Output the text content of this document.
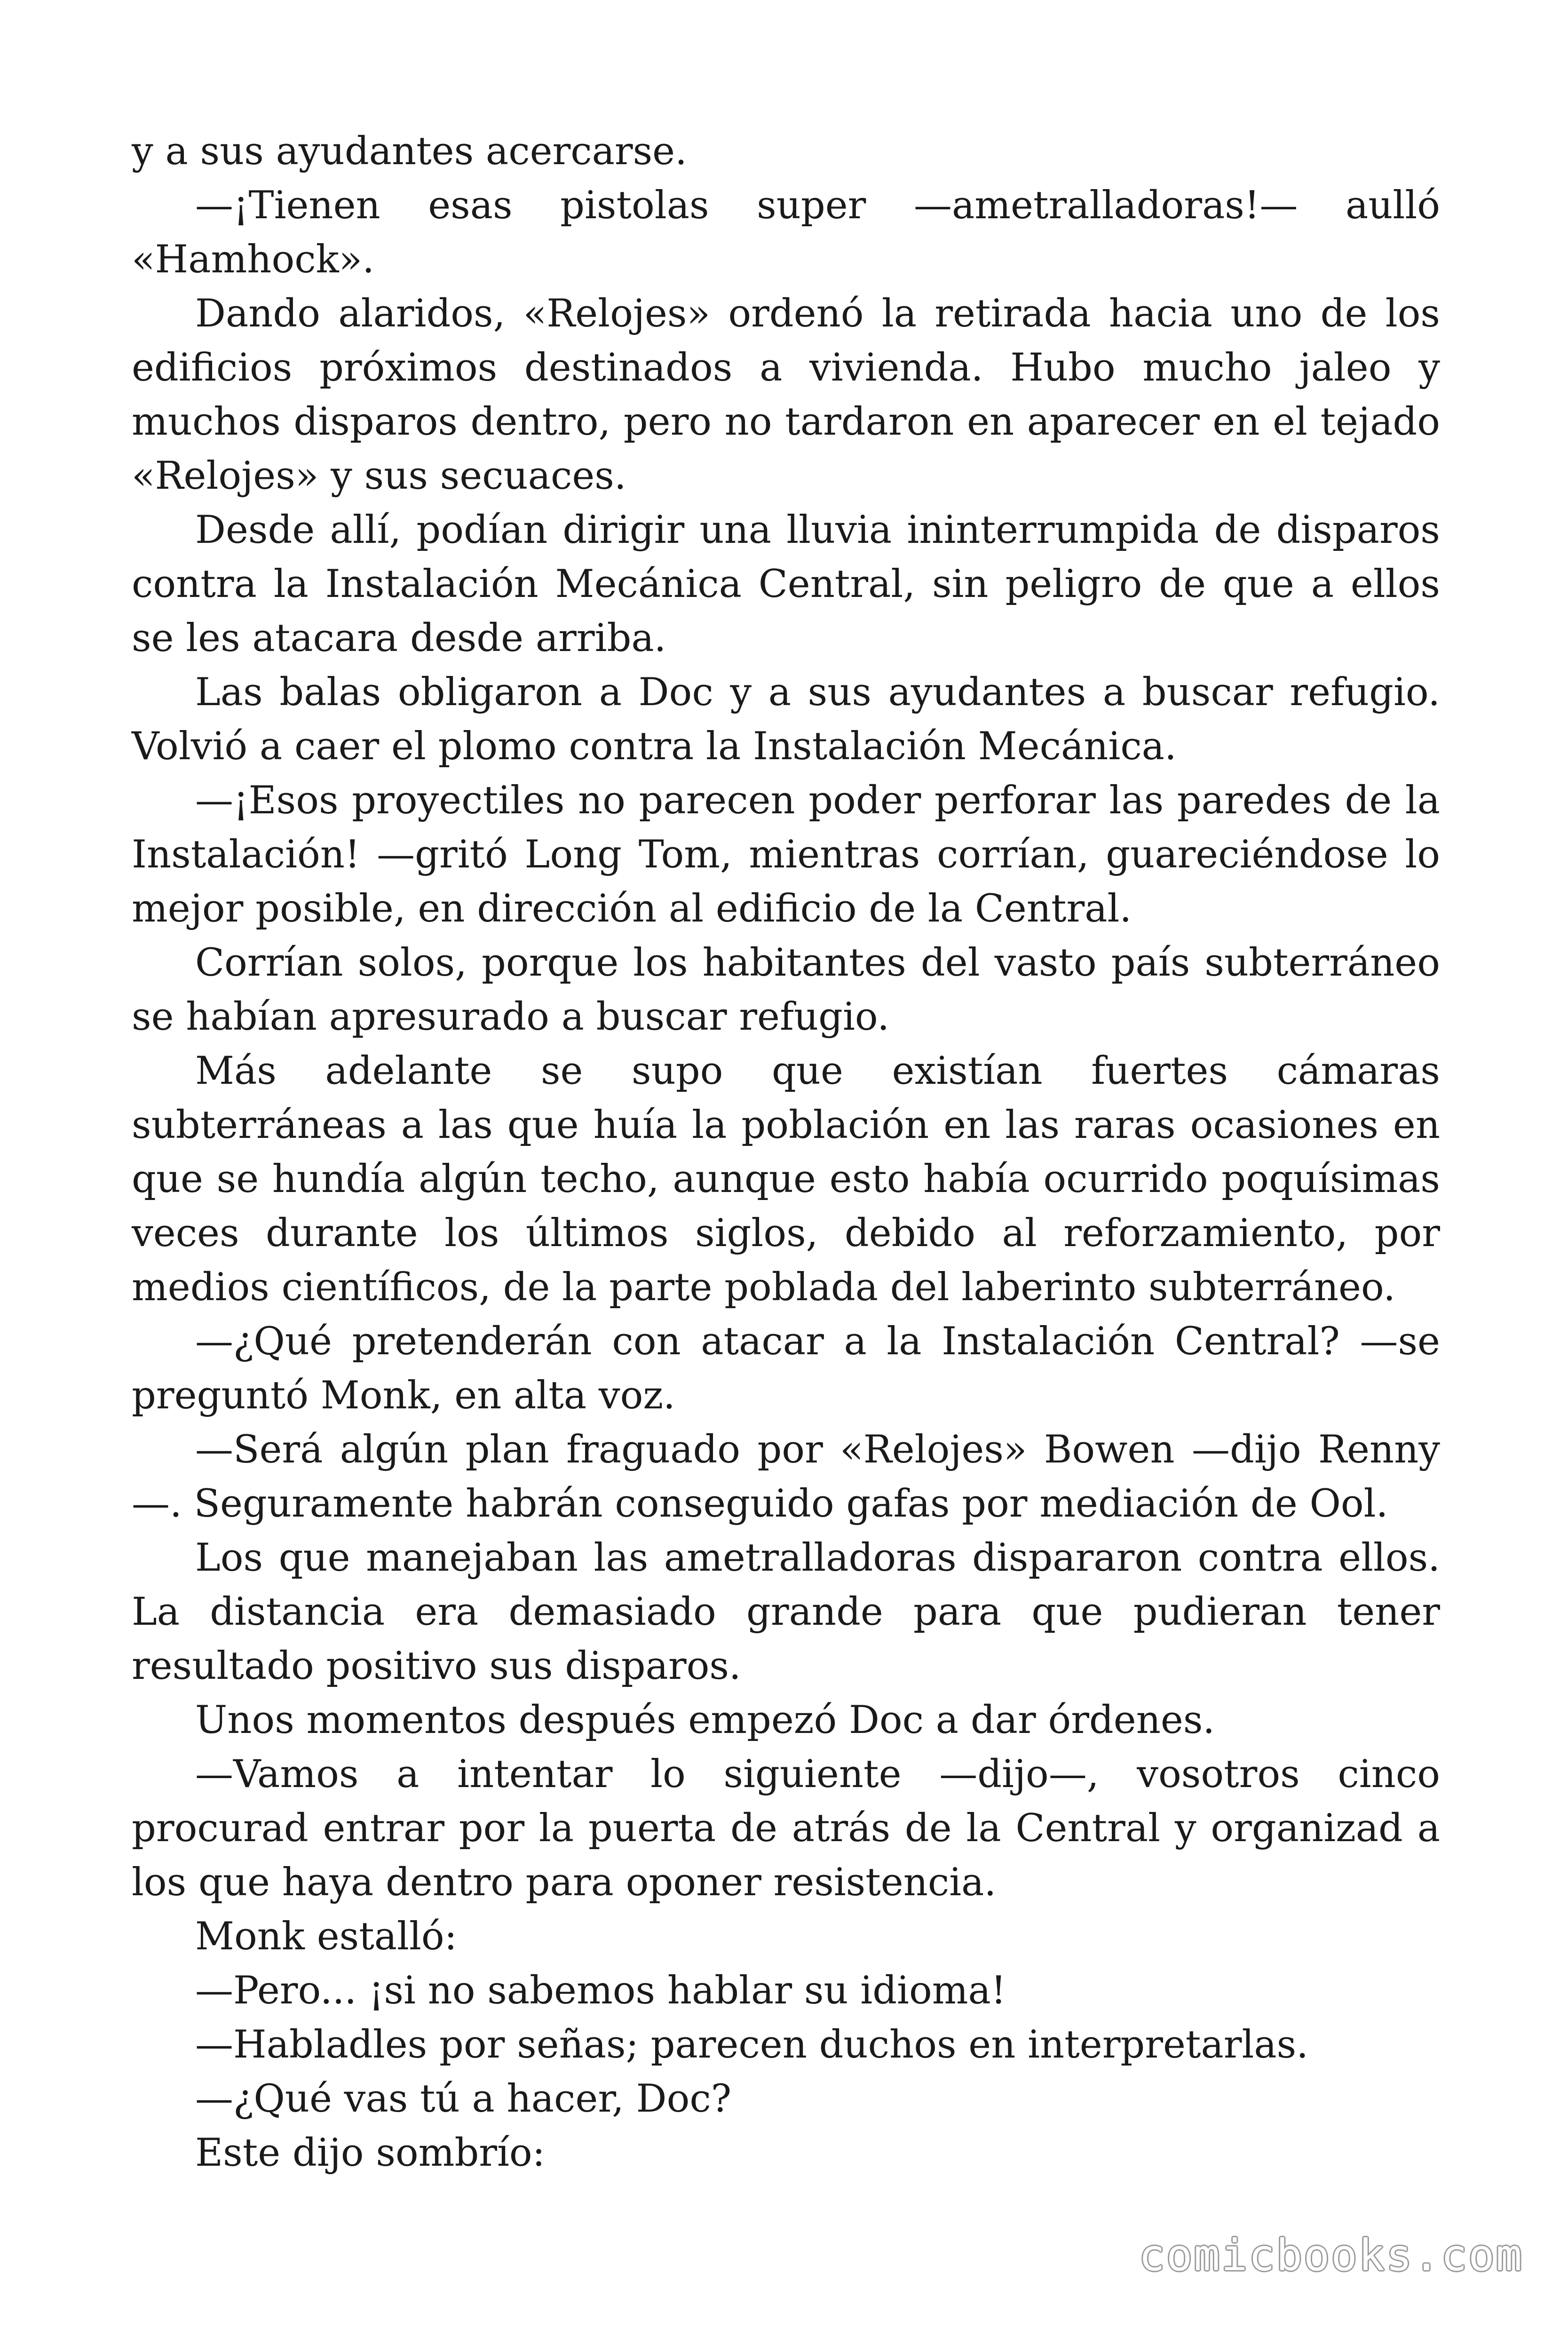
y a sus ayudantes acercarse.

—¡Tienen esas pistolas super —ametralladoras!— aulló «Hamhock».

Dando alaridos, «Relojes» ordenó la retirada hacia uno de los edificios próximos destinados a vivienda. Hubo mucho jaleo y muchos disparos dentro, pero no tardaron en aparecer en el tejado «Relojes» y sus secuaces.

Desde allí, podían dirigir una lluvia ininterrumpida de disparos contra la Instalación Mecánica Central, sin peligro de que a ellos se les atacara desde arriba.

Las balas obligaron a Doc y a sus ayudantes a buscar refugio. Volvió a caer el plomo contra la Instalación Mecánica.

—¡Esos proyectiles no parecen poder perforar las paredes de la Instalación! —gritó Long Tom, mientras corrían, guareciéndose lo mejor posible, en dirección al edificio de la Central.

Corrían solos, porque los habitantes del vasto país subterráneo se habían apresurado a buscar refugio.

Más adelante se supo que existían fuertes cámaras subterráneas a las que huía la población en las raras ocasiones en que se hundía algún techo, aunque esto había ocurrido poquísimas veces durante los últimos siglos, debido al reforzamiento, por medios científicos, de la parte poblada del laberinto subterráneo.

—¿Qué pretenderán con atacar a la Instalación Central? —se preguntó Monk, en alta voz.

—Será algún plan fraguado por «Relojes» Bowen —dijo Renny —. Seguramente habrán conseguido gafas por mediación de Ool.

Los que manejaban las ametralladoras dispararon contra ellos. La distancia era demasiado grande para que pudieran tener resultado positivo sus disparos.

Unos momentos después empezó Doc a dar órdenes.

—Vamos a intentar lo siguiente —dijo—, vosotros cinco procurad entrar por la puerta de atrás de la Central y organizad a los que haya dentro para oponer resistencia.

Monk estalló:

—Pero... ¡si no sabemos hablar su idioma!

—Habladles por señas; parecen duchos en interpretarlas.

—¿Qué vas tú a hacer, Doc?

Este dijo sombrío:

comicbooks.com
